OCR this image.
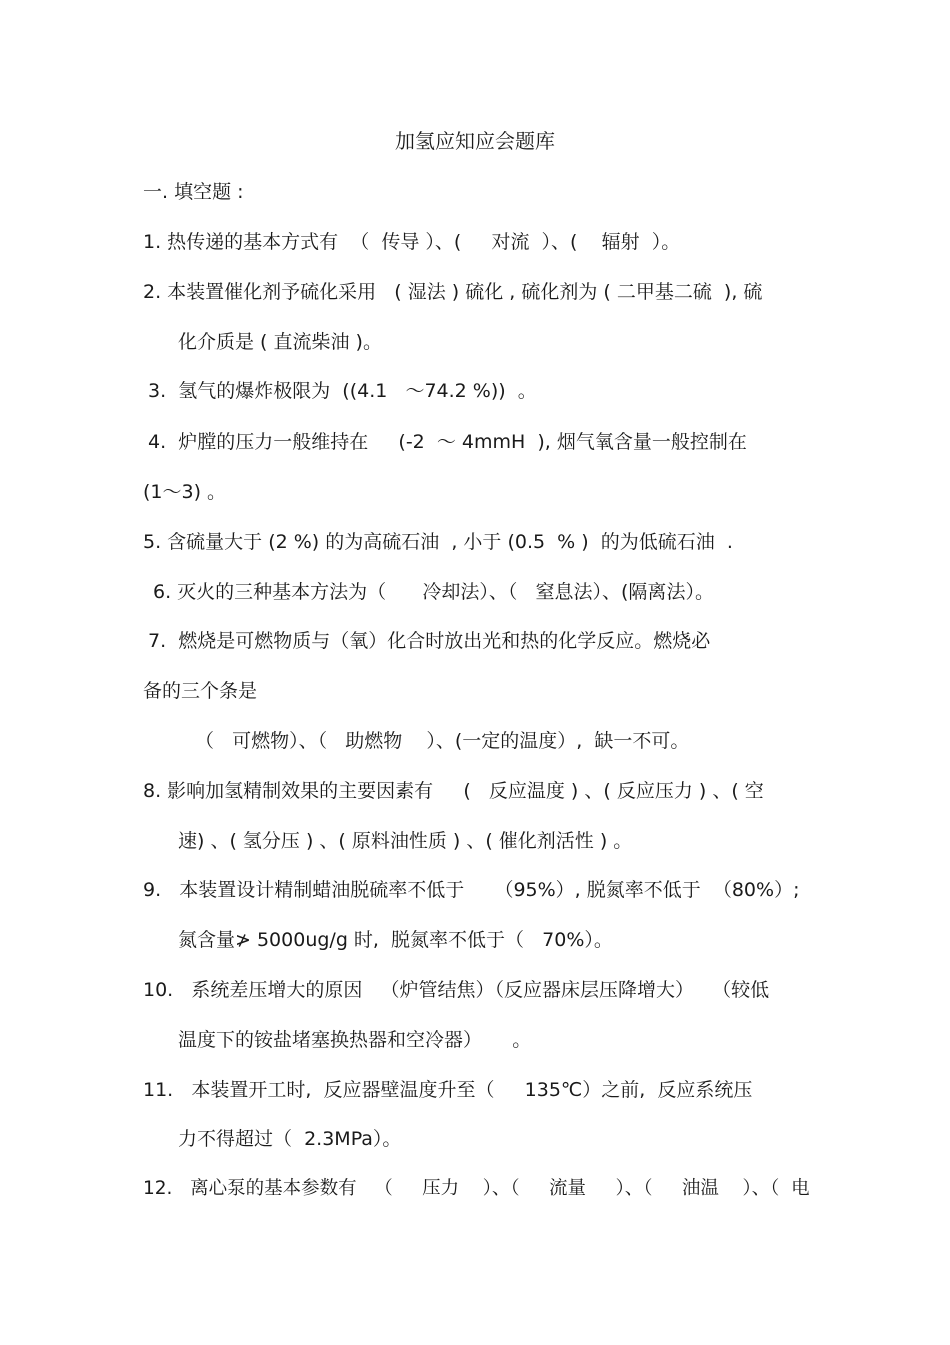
加氢应知应会题库
一. 填空题 :
1. 热传递的基本方式有  （  传导 ）、(     对流  ）、(    辐射  ）。
2. 本装置催化剂予硫化采用   ( 湿法 ) 硫化 , 硫化剂为 ( 二甲基二硫  ), 硫
化介质是 ( 直流柴油 )。
3.  氢气的爆炸极限为  ((4.1   ～74.2 %))  。
4.  炉膛的压力一般维持在     (-2  ～ 4mmH  ), 烟气氧含量一般控制在
(1～3) 。
5. 含硫量大于 (2 %) 的为高硫石油  , 小于 (0.5  % )  的为低硫石油  .
6. 灭火的三种基本方法为（      冷却法）、（   窒息法）、(隔离法）。
7.  燃烧是可燃物质与（氧）化合时放出光和热的化学反应。燃烧必
备的三个条是
（   可燃物）、（   助燃物    ）、(一定的温度）,  缺一不可。
8. 影响加氢精制效果的主要因素有     (   反应温度 ) 、( 反应压力 ) 、( 空
速) 、( 氢分压 ) 、( 原料油性质 ) 、( 催化剂活性 ) 。
9.   本装置设计精制蜡油脱硫率不低于     （95%）, 脱氮率不低于  （80%）;
氮含量≯ 5000ug/g 时,  脱氮率不低于（   70%）。
10.   系统差压增大的原因   （炉管结焦）（反应器床层压降增大）   （较低
温度下的铵盐堵塞换热器和空冷器）     。
11.   本装置开工时,  反应器壁温度升至（     135℃）之前,  反应系统压
力不得超过（  2.3MPa）。
12.   离心泵的基本参数有   （     压力    ）、（     流量     ）、（     油温    ）、（  电
